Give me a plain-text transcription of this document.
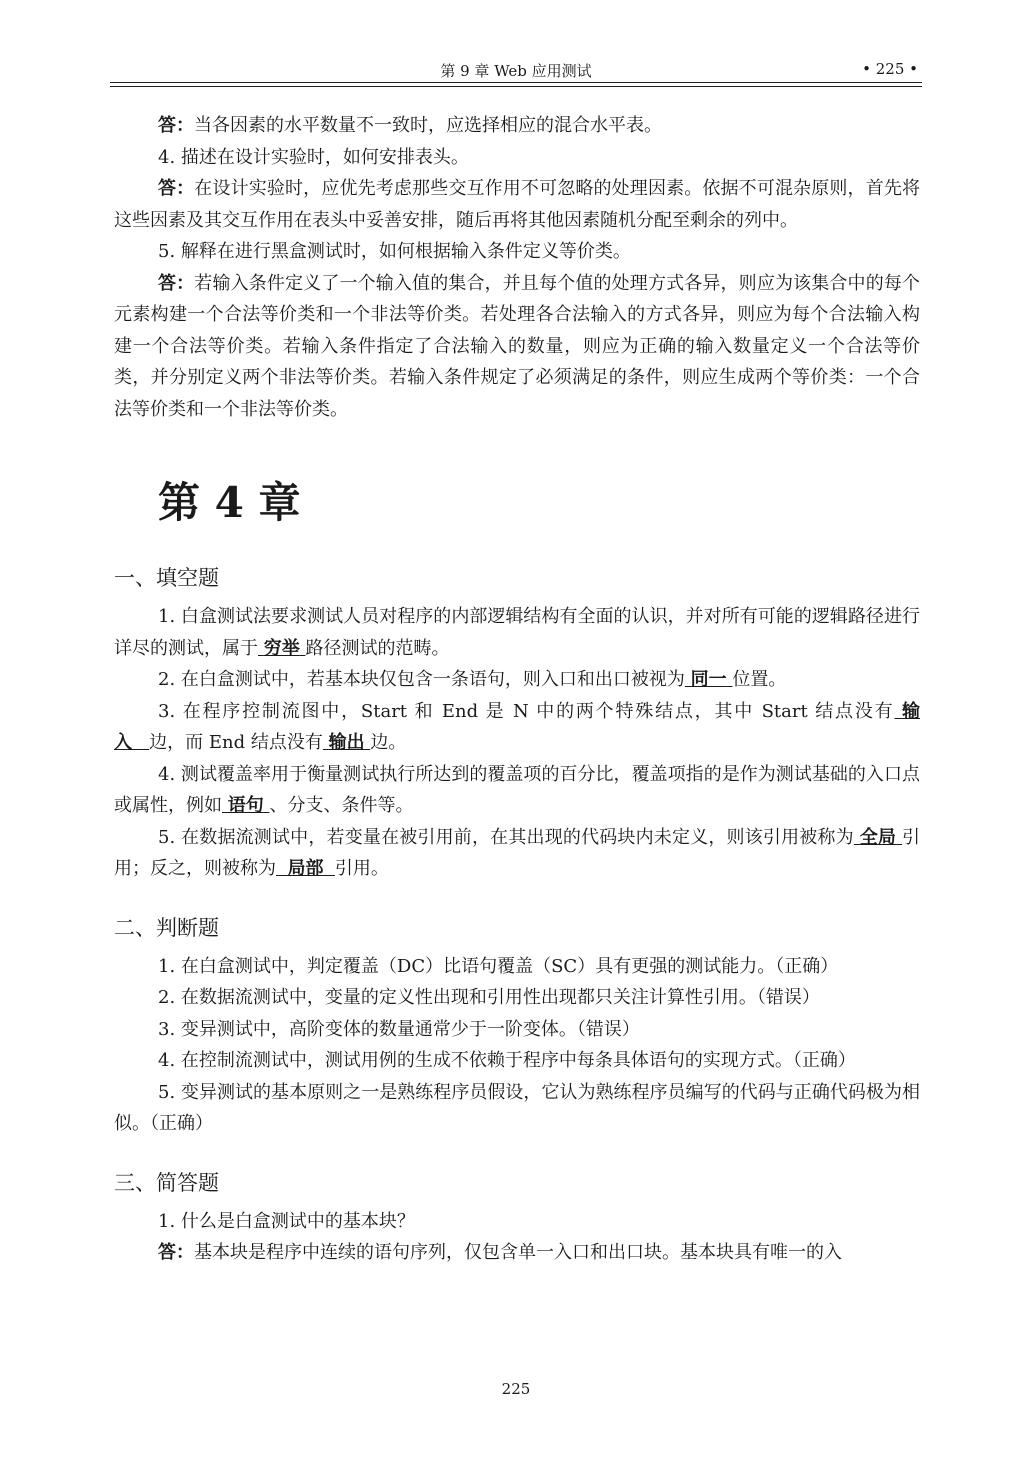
第 9 章 Web 应用测试	• 225 •

答：当各因素的水平数量不一致时，应选择相应的混合水平表。

4. 描述在设计实验时，如何安排表头。

答：在设计实验时，应优先考虑那些交互作用不可忽略的处理因素。依据不可混杂原则，首先将这些因素及其交互作用在表头中妥善安排，随后再将其他因素随机分配至剩余的列中。

5. 解释在进行黑盒测试时，如何根据输入条件定义等价类。

答：若输入条件定义了一个输入值的集合，并且每个值的处理方式各异，则应为该集合中的每个元素构建一个合法等价类和一个非法等价类。若处理各合法输入的方式各异，则应为每个合法输入构建一个合法等价类。若输入条件指定了合法输入的数量，则应为正确的输入数量定义一个合法等价类，并分别定义两个非法等价类。若输入条件规定了必须满足的条件，则应生成两个等价类：一个合法等价类和一个非法等价类。

第 4 章
一、填空题

1. 白盒测试法要求测试人员对程序的内部逻辑结构有全面的认识，并对所有可能的逻辑路径进行详尽的测试，属于 穷举 路径测试的范畴。

2. 在白盒测试中，若基本块仅包含一条语句，则入口和出口被视为 同一 位置。

3. 在程序控制流图中，Start 和 End 是 N 中的两个特殊结点，其中 Start 结点没有 输入 边，而 End 结点没有 输出 边。

4. 测试覆盖率用于衡量测试执行所达到的覆盖项的百分比，覆盖项指的是作为测试基础的入口点或属性，例如 语句 、分支、条件等。

5. 在数据流测试中，若变量在被引用前，在其出现的代码块内未定义，则该引用被称为 全局 引用；反之，则被称为 局部 引用。

二、判断题

1. 在白盒测试中，判定覆盖（DC）比语句覆盖（SC）具有更强的测试能力。（正确）

2. 在数据流测试中，变量的定义性出现和引用性出现都只关注计算性引用。（错误）

3. 变异测试中，高阶变体的数量通常少于一阶变体。（错误）

4. 在控制流测试中，测试用例的生成不依赖于程序中每条具体语句的实现方式。（正确）

5. 变异测试的基本原则之一是熟练程序员假设，它认为熟练程序员编写的代码与正确代码极为相似。（正确）

三、简答题

1. 什么是白盒测试中的基本块？

答：基本块是程序中连续的语句序列，仅包含单一入口和出口块。基本块具有唯一的入

225
